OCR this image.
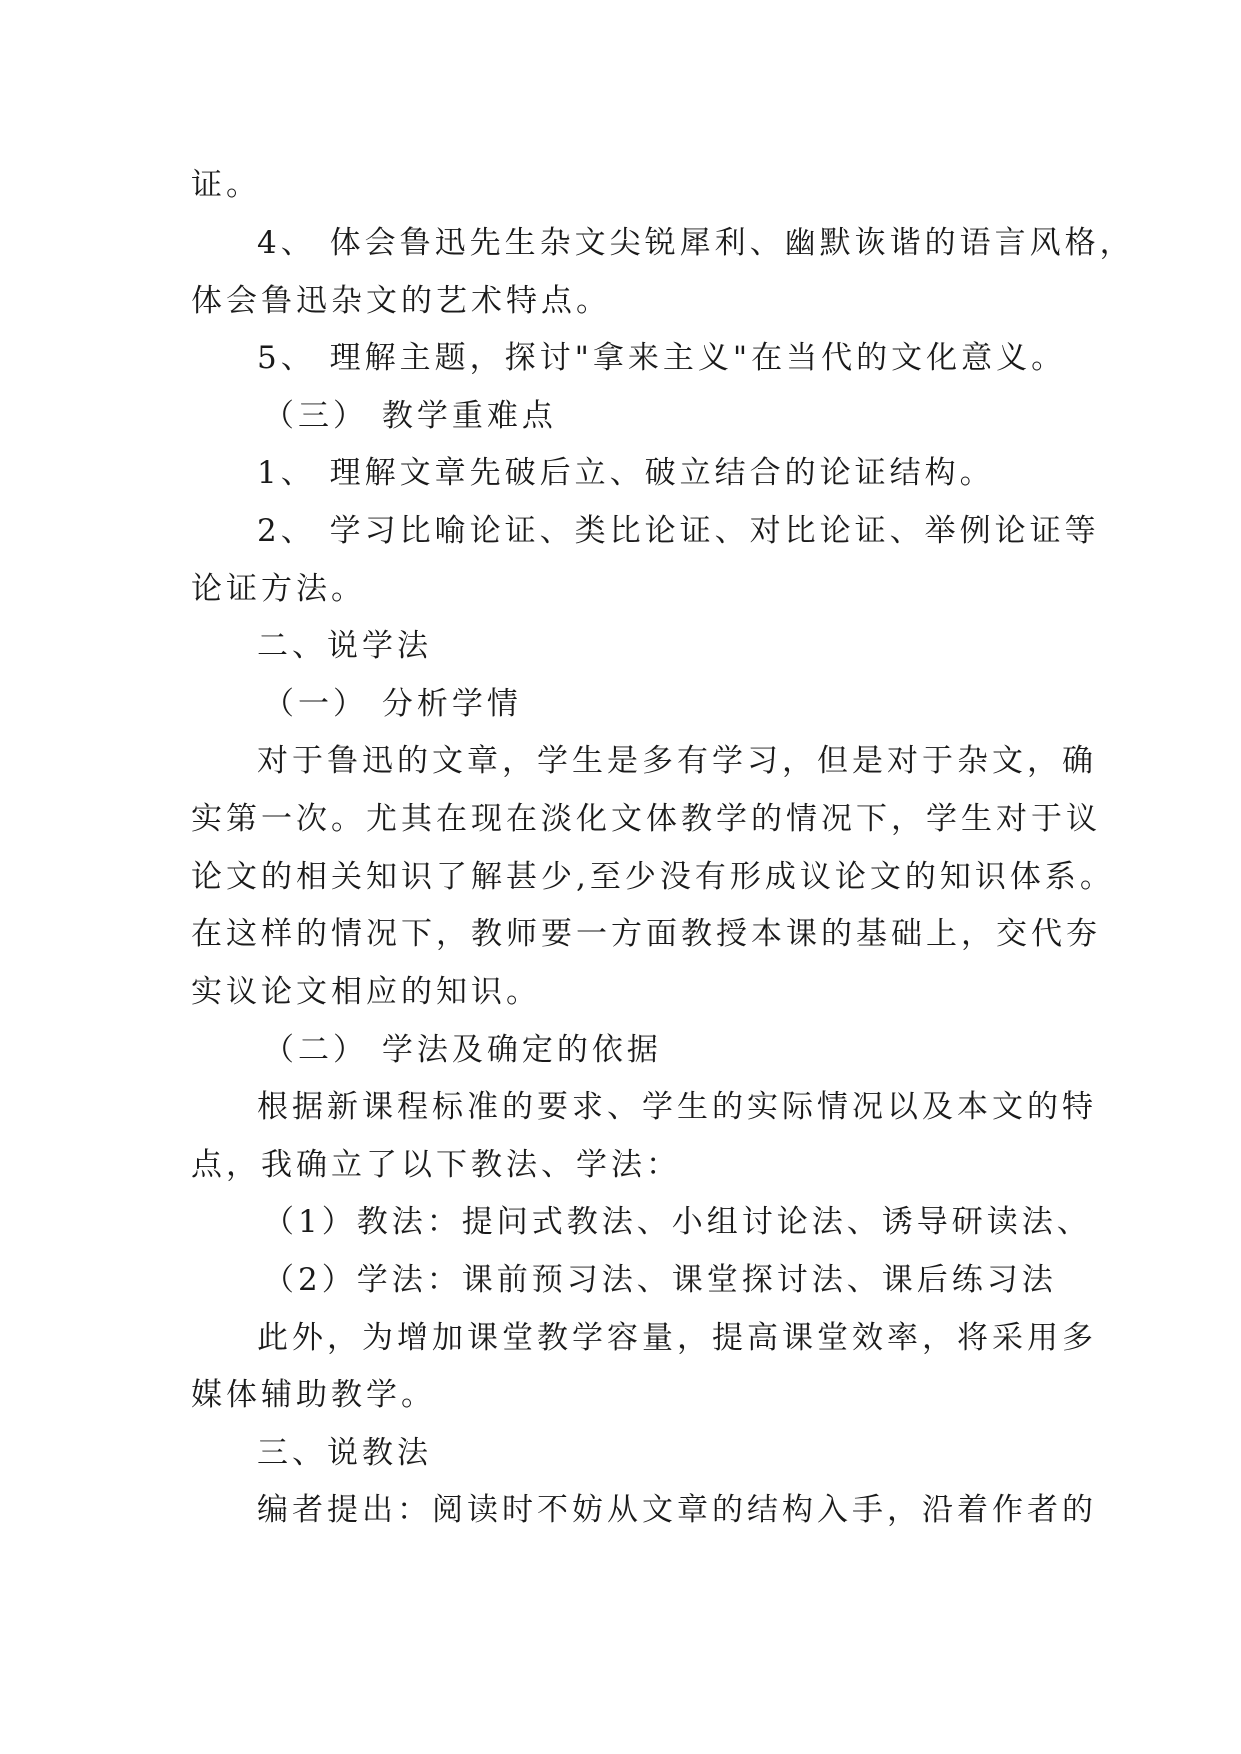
证。
4、 体会鲁迅先生杂文尖锐犀利、幽默诙谐的语言风格，
体会鲁迅杂文的艺术特点。
5、 理解主题，探讨"拿来主义"在当代的文化意义。
（三） 教学重难点
1、 理解文章先破后立、破立结合的论证结构。
2、 学习比喻论证、类比论证、对比论证、举例论证等
论证方法。
二、说学法
（一） 分析学情
对于鲁迅的文章，学生是多有学习，但是对于杂文，确
实第一次。尤其在现在淡化文体教学的情况下，学生对于议
论文的相关知识了解甚少,至少没有形成议论文的知识体系。
在这样的情况下，教师要一方面教授本课的基础上，交代夯
实议论文相应的知识。
（二） 学法及确定的依据
根据新课程标准的要求、学生的实际情况以及本文的特
点，我确立了以下教法、学法：
（1）教法：提问式教法、小组讨论法、诱导研读法、
（2）学法：课前预习法、课堂探讨法、课后练习法
此外，为增加课堂教学容量，提高课堂效率，将采用多
媒体辅助教学。
三、说教法
编者提出：阅读时不妨从文章的结构入手，沿着作者的
